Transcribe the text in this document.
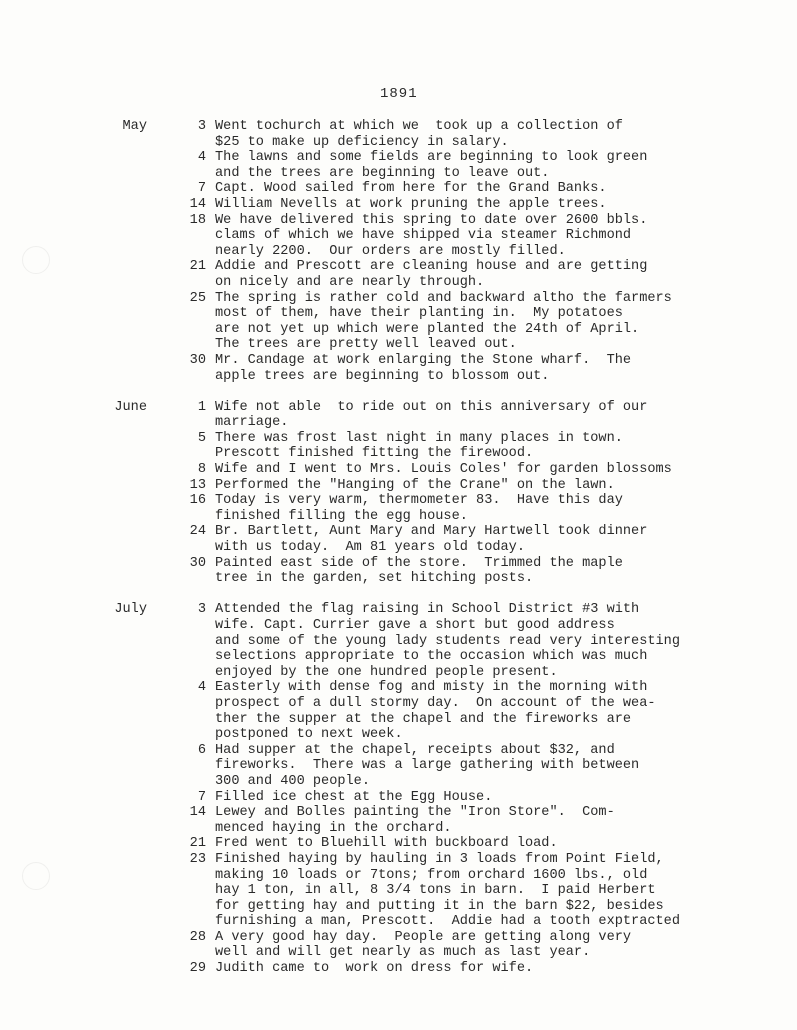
1891
May	3 Went tochurch at which we  took up a collection of
$25 to make up deficiency in salary.
4 The lawns and some fields are beginning to look green
and the trees are beginning to leave out.
7 Capt. Wood sailed from here for the Grand Banks.
14 William Nevells at work pruning the apple trees.
18 We have delivered this spring to date over 2600 bbls.
clams of which we have shipped via steamer Richmond
nearly 2200.  Our orders are mostly filled.
21 Addie and Prescott are cleaning house and are getting
on nicely and are nearly through.
25 The spring is rather cold and backward altho the farmers
most of them, have their planting in.  My potatoes
are not yet up which were planted the 24th of April.
The trees are pretty well leaved out.
30 Mr. Candage at work enlarging the Stone wharf.  The
apple trees are beginning to blossom out.
June	1 Wife not able  to ride out on this anniversary of our
marriage.
5 There was frost last night in many places in town.
Prescott finished fitting the firewood.
8 Wife and I went to Mrs. Louis Coles' for garden blossoms
13 Performed the "Hanging of the Crane" on the lawn.
16 Today is very warm, thermometer 83.  Have this day
finished filling the egg house.
24 Br. Bartlett, Aunt Mary and Mary Hartwell took dinner
with us today.  Am 81 years old today.
30 Painted east side of the store.  Trimmed the maple
tree in the garden, set hitching posts.
July	3 Attended the flag raising in School District #3 with
wife. Capt. Currier gave a short but good address
and some of the young lady students read very interesting
selections appropriate to the occasion which was much
enjoyed by the one hundred people present.
4 Easterly with dense fog and misty in the morning with
prospect of a dull stormy day.  On account of the wea-
ther the supper at the chapel and the fireworks are
postponed to next week.
6 Had supper at the chapel, receipts about $32, and
fireworks.  There was a large gathering with between
300 and 400 people.
7 Filled ice chest at the Egg House.
14 Lewey and Bolles painting the "Iron Store".  Com-
menced haying in the orchard.
21 Fred went to Bluehill with buckboard load.
23 Finished haying by hauling in 3 loads from Point Field,
making 10 loads or 7tons; from orchard 1600 lbs., old
hay 1 ton, in all, 8 3/4 tons in barn.  I paid Herbert
for getting hay and putting it in the barn $22, besides
furnishing a man, Prescott.  Addie had a tooth exptracted
28 A very good hay day.  People are getting along very
well and will get nearly as much as last year.
29 Judith came to  work on dress for wife.
